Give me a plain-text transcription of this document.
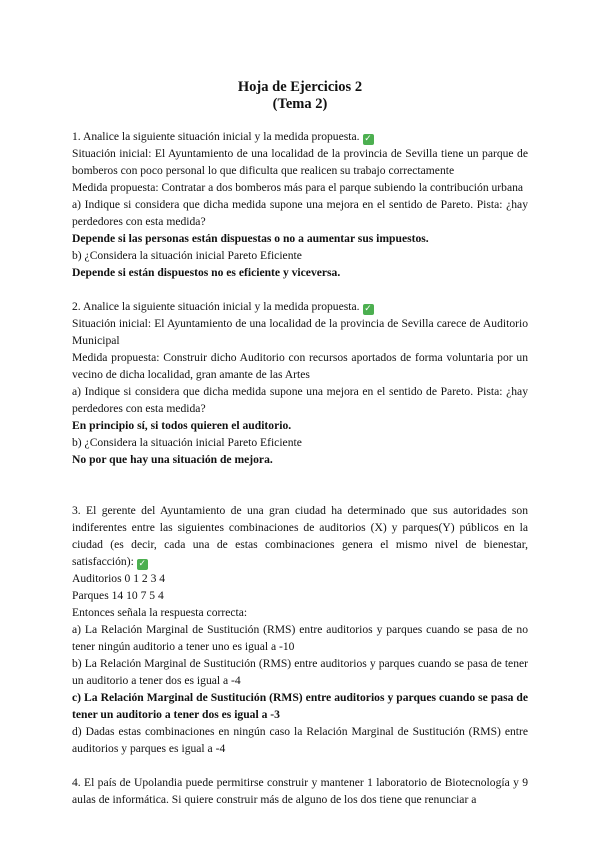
Hoja de Ejercicios 2
(Tema 2)

1. Analice la siguiente situación inicial y la medida propuesta. ✓

Situación inicial: El Ayuntamiento de una localidad de la provincia de Sevilla tiene un parque de bomberos con poco personal lo que dificulta que realicen su trabajo correctamente

Medida propuesta: Contratar a dos bomberos más para el parque subiendo la contribución urbana

a) Indique si considera que dicha medida supone una mejora en el sentido de Pareto. Pista: ¿hay perdedores con esta medida?

Depende si las personas están dispuestas o no a aumentar sus impuestos.

b) ¿Considera la situación inicial Pareto Eficiente

Depende si están dispuestos no es eficiente y viceversa.

2. Analice la siguiente situación inicial y la medida propuesta. ✓

Situación inicial: El Ayuntamiento de una localidad de la provincia de Sevilla carece de Auditorio Municipal

Medida propuesta: Construir dicho Auditorio con recursos aportados de forma voluntaria por un vecino de dicha localidad, gran amante de las Artes

a) Indique si considera que dicha medida supone una mejora en el sentido de Pareto. Pista: ¿hay perdedores con esta medida?

En principio sí, si todos quieren el auditorio.

b) ¿Considera la situación inicial Pareto Eficiente

No por que hay una situación de mejora.

3. El gerente del Ayuntamiento de una gran ciudad ha determinado que sus autoridades son indiferentes entre las siguientes combinaciones de auditorios (X) y parques(Y) públicos en la ciudad (es decir, cada una de estas combinaciones genera el mismo nivel de bienestar, satisfacción): ✓

Auditorios 0 1 2 3 4

Parques 14 10 7 5 4

Entonces señala la respuesta correcta:

a) La Relación Marginal de Sustitución (RMS) entre auditorios y parques cuando se pasa de no tener ningún auditorio a tener uno es igual a -10

b) La Relación Marginal de Sustitución (RMS) entre auditorios y parques cuando se pasa de tener un auditorio a tener dos es igual a -4

c) La Relación Marginal de Sustitución (RMS) entre auditorios y parques cuando se pasa de tener un auditorio a tener dos es igual a -3

d) Dadas estas combinaciones en ningún caso la Relación Marginal de Sustitución (RMS) entre auditorios y parques es igual a -4

4. El país de Upolandia puede permitirse construir y mantener 1 laboratorio de Biotecnología y 9 aulas de informática. Si quiere construir más de alguno de los dos tiene que renunciar a
